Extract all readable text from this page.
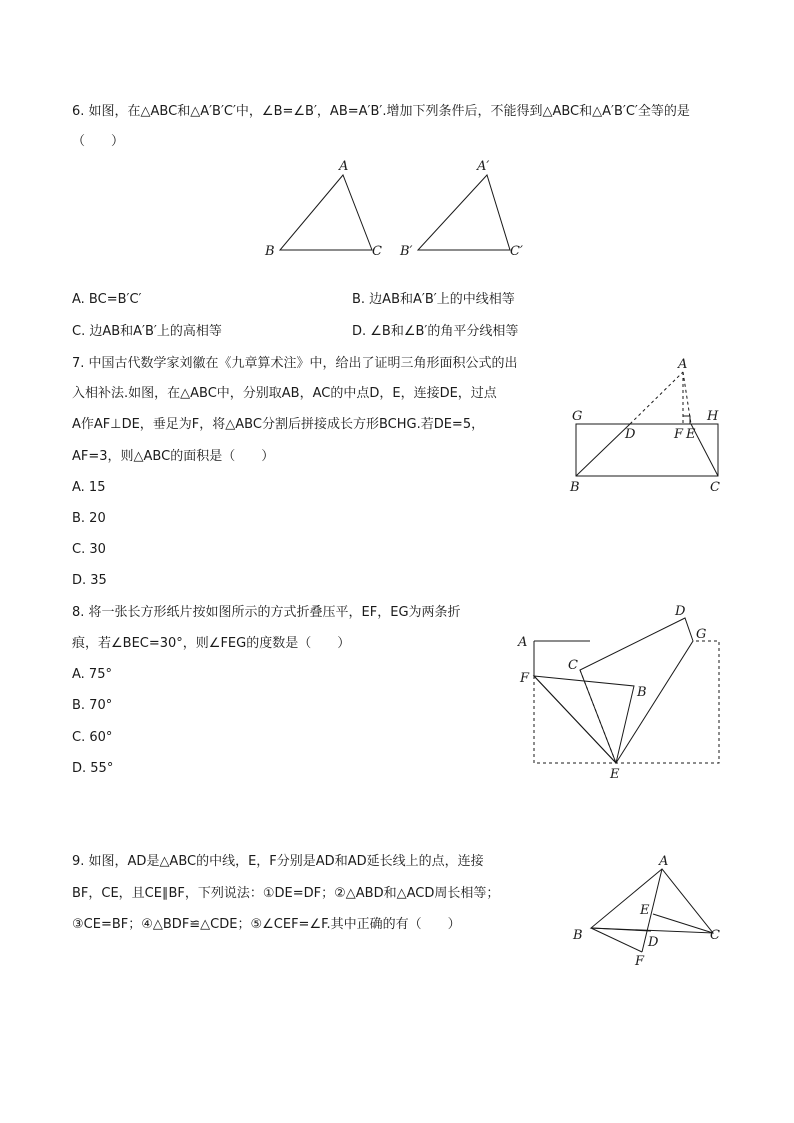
6. 如图，在△ABC和△A′B′C′中，∠B=∠B′，AB=A′B′.增加下列条件后，不能得到△ABC和△A′B′C′全等的是
（　　）
A
B	C
A′
B′	C′
A. BC=B′C′	B. 边AB和A′B′上的中线相等
C. 边AB和A′B′上的高相等	D. ∠B和∠B′的角平分线相等
7. 中国古代数学家刘徽在《九章算术注》中，给出了证明三角形面积公式的出
入相补法.如图，在△ABC中，分别取AB，AC的中点D，E，连接DE，过点
A作AF⊥DE，垂足为F，将△ABC分割后拼接成长方形BCHG.若DE=5，
AF=3，则△ABC的面积是（　　）
A. 15
B. 20
C. 30
D. 35
A
G	H
D	F E
B	C
8. 将一张长方形纸片按如图所示的方式折叠压平，EF，EG为两条折
痕，若∠BEC=30°，则∠FEG的度数是（　　）
A. 75°
B. 70°
C. 60°
D. 55°
A
D
G
C
F
B
E
9. 如图，AD是△ABC的中线，E，F分别是AD和AD延长线上的点，连接
BF，CE，且CE∥BF，下列说法：①DE=DF；②△ABD和△ACD周长相等；
③CE=BF；④△BDF≌△CDE；⑤∠CEF=∠F.其中正确的有（　　）
A
E
B	C
D
F
